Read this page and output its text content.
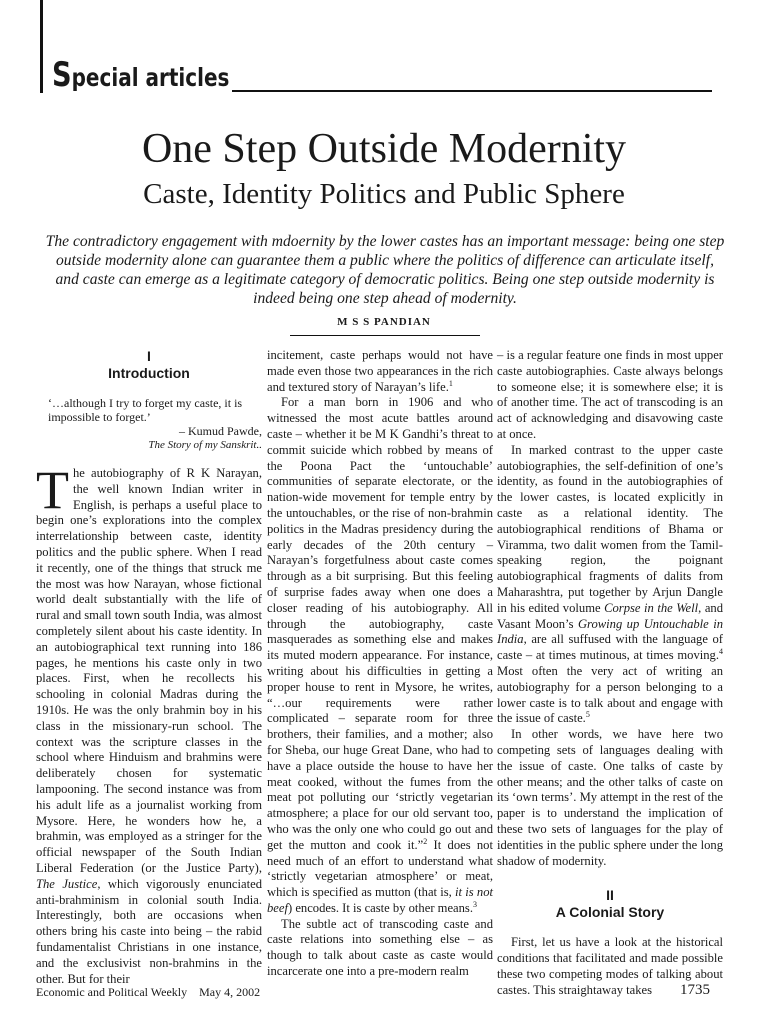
Special articles
One Step Outside Modernity
Caste, Identity Politics and Public Sphere
The contradictory engagement with mdoernity by the lower castes has an important message: being one step outside modernity alone can guarantee them a public where the politics of difference can articulate itself, and caste can emerge as a legitimate category of democratic politics. Being one step outside modernity is indeed being one step ahead of modernity.
M S S PANDIAN
I
Introduction
‘…although I try to forget my caste, it is impossible to forget.’
– Kumud Pawde,
The Story of my Sanskrit..

The autobiography of R K Narayan, the well known Indian writer in English, is perhaps a useful place to begin one’s explorations into the complex interrelationship between caste, identity politics and the public sphere. When I read it recently, one of the things that struck me the most was how Narayan, whose fictional world dealt substantially with the life of rural and small town south India, was almost completely silent about his caste identity. In an autobiographical text running into 186 pages, he mentions his caste only in two places. First, when he recollects his schooling in colonial Madras during the 1910s. He was the only brahmin boy in his class in the missionary-run school. The context was the scripture classes in the school where Hinduism and brahmins were deliberately chosen for systematic lampooning. The second instance was from his adult life as a journalist working from Mysore. Here, he wonders how he, a brahmin, was employed as a stringer for the official newspaper of the South Indian Liberal Federation (or the Justice Party), The Justice, which vigorously enunciated anti-brahminism in colonial south India. Interestingly, both are occasions when others bring his caste into being – the rabid fundamentalist Christians in one instance, and the exclusivist non-brahmins in the other. But for their

incitement, caste perhaps would not have made even those two appearances in the rich and textured story of Narayan’s life.$^1$

For a man born in 1906 and who witnessed the most acute battles around caste – whether it be M K Gandhi’s threat to commit suicide which robbed by means of the Poona Pact the ‘untouchable’ communities of separate electorate, or the nation-wide movement for temple entry by the untouchables, or the rise of non-brahmin politics in the Madras presidency during the early decades of the 20th century – Narayan’s forgetfulness about caste comes through as a bit surprising. But this feeling of surprise fades away when one does a closer reading of his autobiography. All through the autobiography, caste masquerades as something else and makes its muted modern appearance. For instance, writing about his difficulties in getting a proper house to rent in Mysore, he writes, “…our requirements were rather complicated – separate room for three brothers, their families, and a mother; also for Sheba, our huge Great Dane, who had to have a place outside the house to have her meat cooked, without the fumes from the meat pot polluting our ‘strictly vegetarian atmosphere; a place for our old servant too, who was the only one who could go out and get the mutton and cook it.”$^2$ It does not need much of an effort to understand what ‘strictly vegetarian atmosphere’ or meat, which is specified as mutton (that is, it is not beef) encodes. It is caste by other means.$^3$

The subtle act of transcoding caste and caste relations into something else – as though to talk about caste as caste would incarcerate one into a pre-modern realm

– is a regular feature one finds in most upper caste autobiographies. Caste always belongs to someone else; it is somewhere else; it is of another time. The act of transcoding is an act of acknowledging and disavowing caste at once.

In marked contrast to the upper caste autobiographies, the self-definition of one’s identity, as found in the autobiographies of the lower castes, is located explicitly in caste as a relational identity. The autobiographical renditions of Bhama or Viramma, two dalit women from the Tamil-speaking region, the poignant autobiographical fragments of dalits from Maharashtra, put together by Arjun Dangle in his edited volume Corpse in the Well, and Vasant Moon’s Growing up Untouchable in India, are all suffused with the language of caste – at times mutinous, at times moving.$^4$ Most often the very act of writing an autobiography for a person belonging to a lower caste is to talk about and engage with the issue of caste.$^5$

In other words, we have here two competing sets of languages dealing with the issue of caste. One talks of caste by other means; and the other talks of caste on its ‘own terms’. My attempt in the rest of the paper is to understand the implication of these two sets of languages for the play of identities in the public sphere under the long shadow of modernity.

II
A Colonial Story

First, let us have a look at the historical conditions that facilitated and made possible these two competing modes of talking about castes. This straightaway takes

Economic and Political Weekly May 4, 2002	1735
